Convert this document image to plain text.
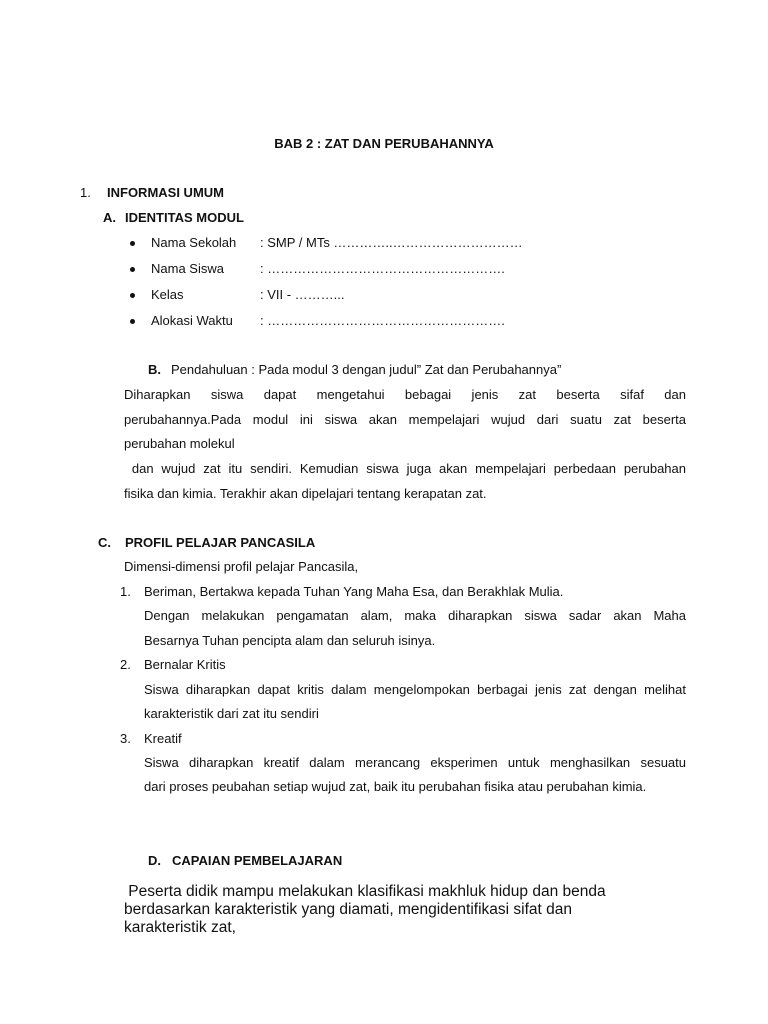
BAB 2 : ZAT DAN PERUBAHANNYA
1. INFORMASI UMUM
A. IDENTITAS MODUL
Nama Sekolah : SMP / MTs …………..…………………………
Nama Siswa	: ……………………………………………….
Kelas	: VII - ………...
Alokasi Waktu : ……………………………………………….
B. Pendahuluan : Pada modul 3 dengan judul” Zat dan Perubahannya”
Diharapkan siswa dapat mengetahui bebagai jenis zat beserta sifaf dan
perubahannya.Pada modul ini siswa akan mempelajari wujud dari suatu zat beserta
perubahan molekul
dan wujud zat itu sendiri. Kemudian siswa juga akan mempelajari perbedaan perubahan
fisika dan kimia. Terakhir akan dipelajari tentang kerapatan zat.
C. PROFIL PELAJAR PANCASILA
Dimensi-dimensi profil pelajar Pancasila,
1. Beriman, Bertakwa kepada Tuhan Yang Maha Esa, dan Berakhlak Mulia.
Dengan melakukan pengamatan alam, maka diharapkan siswa sadar akan Maha
Besarnya Tuhan pencipta alam dan seluruh isinya.
2. Bernalar Kritis
Siswa diharapkan dapat kritis dalam mengelompokan berbagai jenis zat dengan melihat
karakteristik dari zat itu sendiri
3. Kreatif
Siswa diharapkan kreatif dalam merancang eksperimen untuk menghasilkan sesuatu
dari proses peubahan setiap wujud zat, baik itu perubahan fisika atau perubahan kimia.
D. CAPAIAN PEMBELAJARAN
Peserta didik mampu melakukan klasifikasi makhluk hidup dan benda
berdasarkan karakteristik yang diamati, mengidentifikasi sifat dan
karakteristik zat,
